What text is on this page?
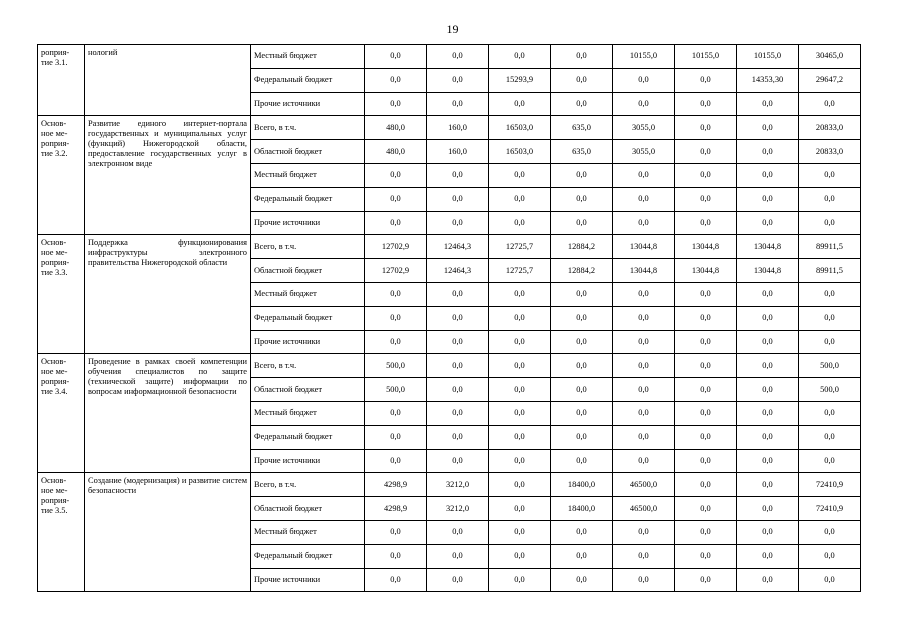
19
роприя-
тие 3.1.	нологий	Местный бюджет	0,0	0,0	0,0	0,0	10155,0	10155,0	10155,0	30465,0
		Федеральный бюджет	0,0	0,0	15293,9	0,0	0,0	0,0	14353,30	29647,2
		Прочие источники	0,0	0,0	0,0	0,0	0,0	0,0	0,0	0,0
Основ-
ное ме-
роприя-
тие 3.2.	Развитие единого интернет-портала государственных и муниципальных услуг (функций) Нижегородской области, предоставление государственных услуг в электронном виде	Всего, в т.ч.	480,0	160,0	16503,0	635,0	3055,0	0,0	0,0	20833,0
		Областной бюджет	480,0	160,0	16503,0	635,0	3055,0	0,0	0,0	20833,0
		Местный бюджет	0,0	0,0	0,0	0,0	0,0	0,0	0,0	0,0
		Федеральный бюджет	0,0	0,0	0,0	0,0	0,0	0,0	0,0	0,0
		Прочие источники	0,0	0,0	0,0	0,0	0,0	0,0	0,0	0,0
Основ-
ное ме-
роприя-
тие 3.3.	Поддержка функционирования инфраструктуры электронного правительства Нижегородской области	Всего, в т.ч.	12702,9	12464,3	12725,7	12884,2	13044,8	13044,8	13044,8	89911,5
		Областной бюджет	12702,9	12464,3	12725,7	12884,2	13044,8	13044,8	13044,8	89911,5
		Местный бюджет	0,0	0,0	0,0	0,0	0,0	0,0	0,0	0,0
		Федеральный бюджет	0,0	0,0	0,0	0,0	0,0	0,0	0,0	0,0
		Прочие источники	0,0	0,0	0,0	0,0	0,0	0,0	0,0	0,0
Основ-
ное ме-
роприя-
тие 3.4.	Проведение в рамках своей компетенции обучения специалистов по защите (технической защите) информации по вопросам информационной безопасности	Всего, в т.ч.	500,0	0,0	0,0	0,0	0,0	0,0	0,0	500,0
		Областной бюджет	500,0	0,0	0,0	0,0	0,0	0,0	0,0	500,0
		Местный бюджет	0,0	0,0	0,0	0,0	0,0	0,0	0,0	0,0
		Федеральный бюджет	0,0	0,0	0,0	0,0	0,0	0,0	0,0	0,0
		Прочие источники	0,0	0,0	0,0	0,0	0,0	0,0	0,0	0,0
Основ-
ное ме-
роприя-
тие 3.5.	Создание (модернизация) и развитие систем безопасности	Всего, в т.ч.	4298,9	3212,0	0,0	18400,0	46500,0	0,0	0,0	72410,9
		Областной бюджет	4298,9	3212,0	0,0	18400,0	46500,0	0,0	0,0	72410,9
		Местный бюджет	0,0	0,0	0,0	0,0	0,0	0,0	0,0	0,0
		Федеральный бюджет	0,0	0,0	0,0	0,0	0,0	0,0	0,0	0,0
		Прочие источники	0,0	0,0	0,0	0,0	0,0	0,0	0,0	0,0
